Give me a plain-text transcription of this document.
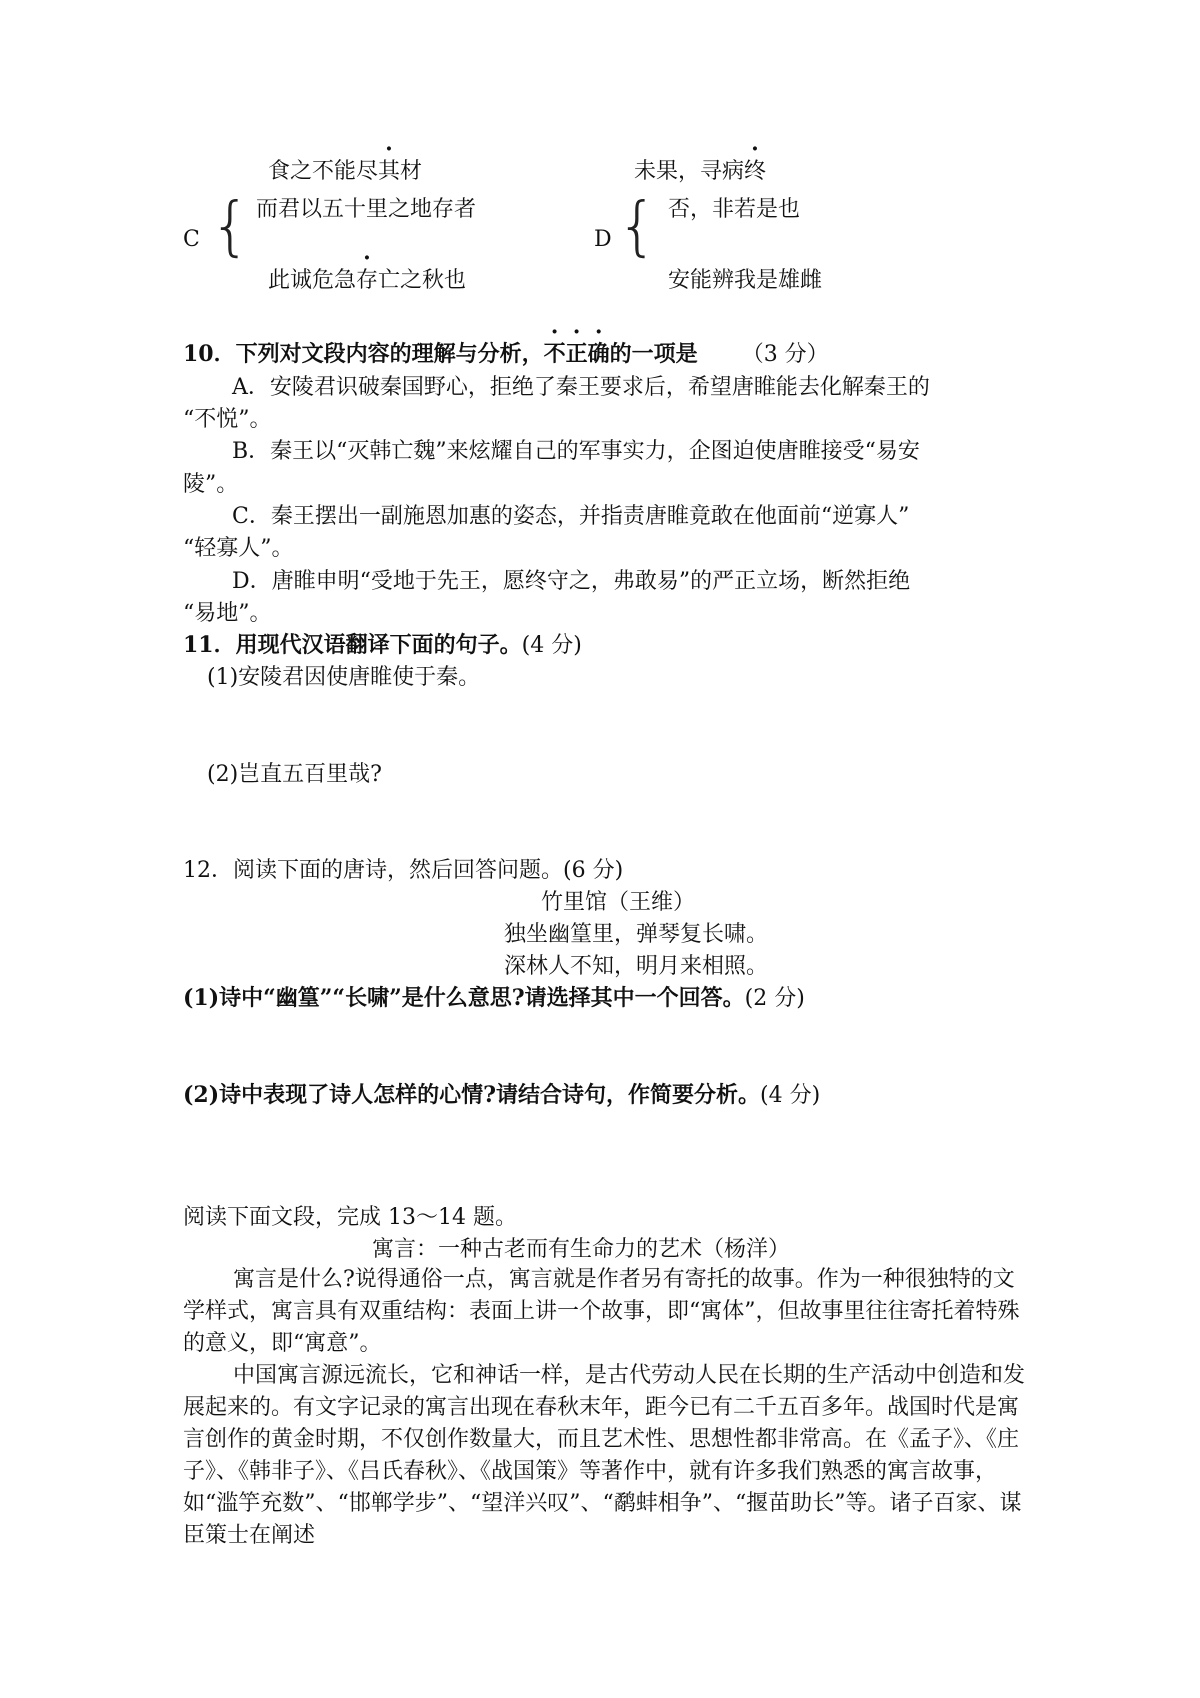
食之不能尽其材
C { 而君以五十里之地存者
此诚危急存亡之秋也
未果，寻病终
D { 否，非若是也
安能辨我是雄雌
10．下列对文段内容的理解与分析，不正确的一项是 （3 分）
A．安陵君识破秦国野心，拒绝了秦王要求后，希望唐睢能去化解秦王的
“不悦”。
B．秦王以“灭韩亡魏”来炫耀自己的军事实力，企图迫使唐睢接受“易安
陵”。
C．秦王摆出一副施恩加惠的姿态，并指责唐睢竟敢在他面前“逆寡人”
“轻寡人”。
D．唐睢申明“受地于先王，愿终守之，弗敢易”的严正立场，断然拒绝
“易地”。
11．用现代汉语翻译下面的句子。(4 分)
(1)安陵君因使唐睢使于秦。
(2)岂直五百里哉?
12．阅读下面的唐诗，然后回答问题。(6 分)
竹里馆（王维）
独坐幽篁里，弹琴复长啸。
深林人不知，明月来相照。
(1)诗中“幽篁”“长啸”是什么意思?请选择其中一个回答。(2 分)
(2)诗中表现了诗人怎样的心情?请结合诗句，作简要分析。(4 分)
阅读下面文段，完成 13～14 题。
寓言：一种古老而有生命力的艺术（杨洋）
寓言是什么?说得通俗一点，寓言就是作者另有寄托的故事。作为一种很独特的文学样式，寓言具有双重结构：表面上讲一个故事，即“寓体”，但故事里往往寄托着特殊的意义，即“寓意”。
中国寓言源远流长，它和神话一样，是古代劳动人民在长期的生产活动中创造和发展起来的。有文字记录的寓言出现在春秋末年，距今已有二千五百多年。战国时代是寓言创作的黄金时期，不仅创作数量大，而且艺术性、思想性都非常高。在《孟子》、《庄子》、《韩非子》、《吕氏春秋》、《战国策》等著作中，就有许多我们熟悉的寓言故事，如“滥竽充数”、“邯郸学步”、“望洋兴叹”、“鹬蚌相争”、“揠苗助长”等。诸子百家、谋臣策士在阐述
